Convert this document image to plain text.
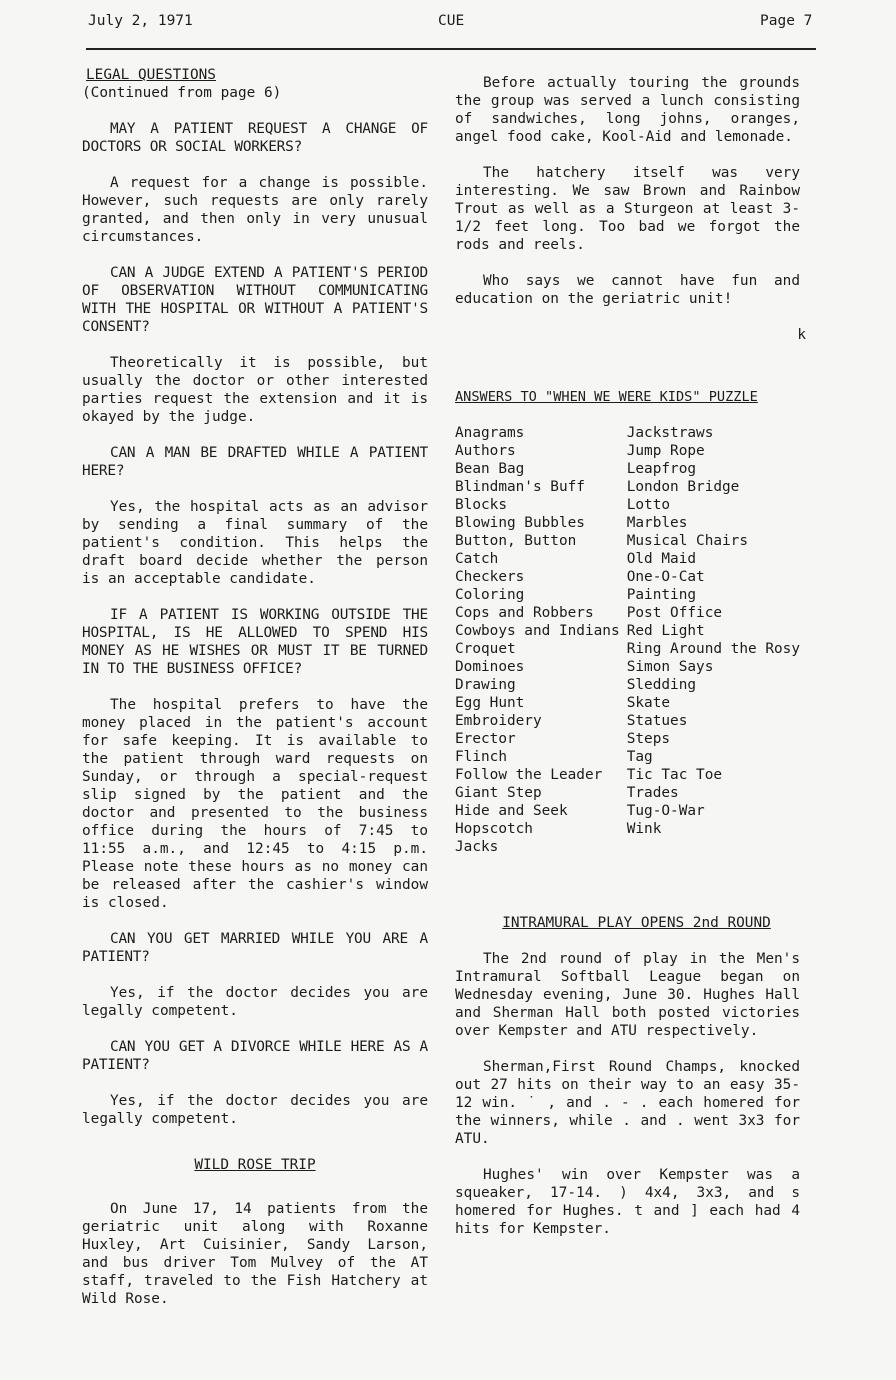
July 2, 1971	CUE	Page 7

LEGAL QUESTIONS

(Continued from page 6)

MAY A PATIENT REQUEST A CHANGE OF DOCTORS OR SOCIAL WORKERS?

A request for a change is possible. However, such requests are only rarely granted, and then only in very unusual circumstances.

CAN A JUDGE EXTEND A PATIENT'S PERIOD OF OBSERVATION WITHOUT COMMUNICATING WITH THE HOSPITAL OR WITHOUT A PATIENT'S CONSENT?

Theoretically it is possible, but usually the doctor or other interested parties request the extension and it is okayed by the judge.

CAN A MAN BE DRAFTED WHILE A PATIENT HERE?

Yes, the hospital acts as an advisor by sending a final summary of the patient's condition. This helps the draft board decide whether the person is an acceptable candidate.

IF A PATIENT IS WORKING OUTSIDE THE HOSPITAL, IS HE ALLOWED TO SPEND HIS MONEY AS HE WISHES OR MUST IT BE TURNED IN TO THE BUSINESS OFFICE?

The hospital prefers to have the money placed in the patient's account for safe keeping. It is available to the patient through ward requests on Sunday, or through a special-request slip signed by the patient and the doctor and presented to the business office during the hours of 7:45 to 11:55 a.m., and 12:45 to 4:15 p.m. Please note these hours as no money can be released after the cashier's window is closed.

CAN YOU GET MARRIED WHILE YOU ARE A PATIENT?

Yes, if the doctor decides you are legally competent.

CAN YOU GET A DIVORCE WHILE HERE AS A PATIENT?

Yes, if the doctor decides you are legally competent.

WILD ROSE TRIP

On June 17, 14 patients from the geriatric unit along with Roxanne Huxley, Art Cuisinier, Sandy Larson, and bus driver Tom Mulvey of the AT staff, traveled to the Fish Hatchery at Wild Rose.

Before actually touring the grounds the group was served a lunch consisting of sandwiches, long johns, oranges, angel food cake, Kool-Aid and lemonade.

The hatchery itself was very interesting. We saw Brown and Rainbow Trout as well as a Sturgeon at least 3-1/2 feet long. Too bad we forgot the rods and reels.

Who says we cannot have fun and education on the geriatric unit!

k

ANSWERS TO "WHEN WE WERE KIDS" PUZZLE

Anagrams
Authors
Bean Bag
Blindman's Buff
Blocks
Blowing Bubbles
Button, Button
Catch
Checkers
Coloring
Cops and Robbers
Cowboys and Indians
Croquet
Dominoes
Drawing
Egg Hunt
Embroidery
Erector
Flinch
Follow the Leader
Giant Step
Hide and Seek
Hopscotch
Jacks
Jackstraws
Jump Rope
Leapfrog
London Bridge
Lotto
Marbles
Musical Chairs
Old Maid
One-O-Cat
Painting
Post Office
Red Light
Ring Around the Rosy
Simon Says
Sledding
Skate
Statues
Steps
Tag
Tic Tac Toe
Trades
Tug-O-War
Wink

INTRAMURAL PLAY OPENS 2nd ROUND

The 2nd round of play in the Men's Intramural Softball League began on Wednesday evening, June 30. Hughes Hall and Sherman Hall both posted victories over Kempster and ATU respectively.

Sherman,First Round Champs, knocked out 27 hits on their way to an easy 35-12 win. ˙ , and . - . each homered for the winners, while . and . went 3x3 for ATU.

Hughes' win over Kempster was a squeaker, 17-14. ) 4x4, 3x3, and s homered for Hughes. t and ] each had 4 hits for Kempster.
